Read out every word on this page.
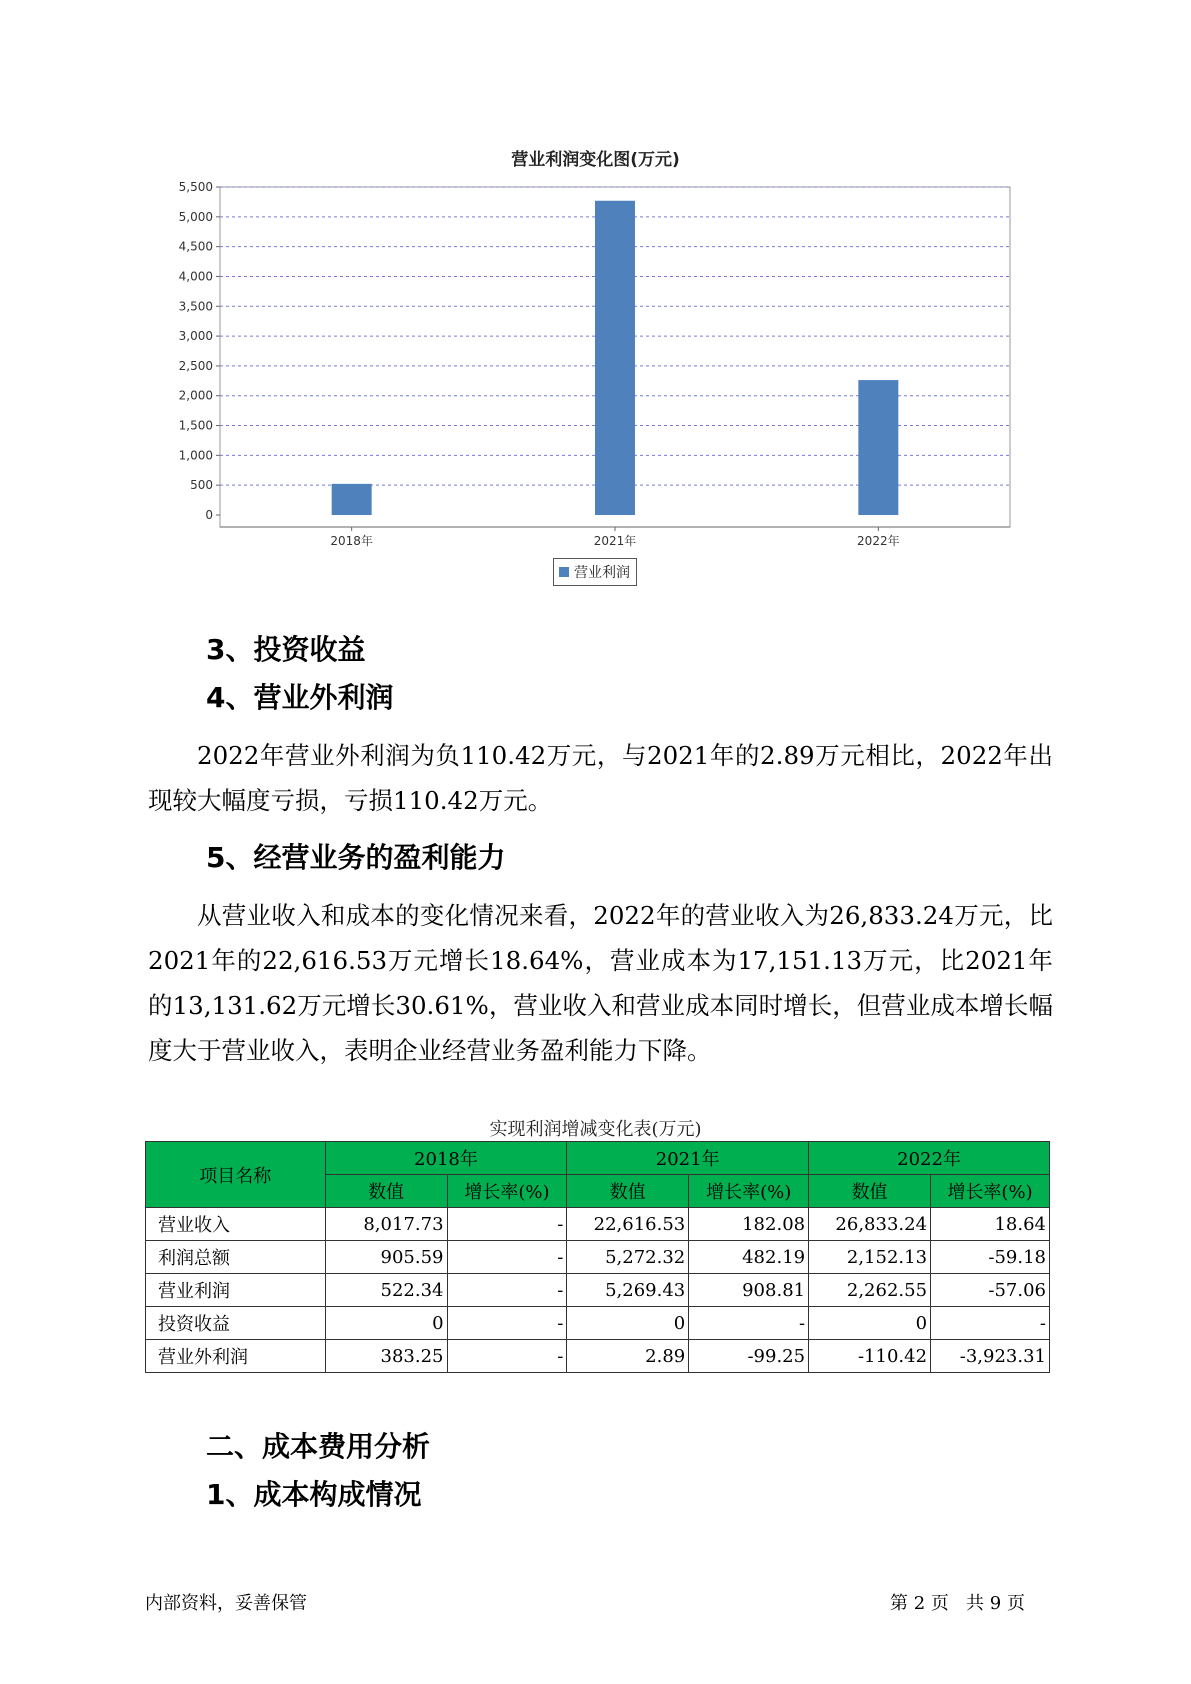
营业利润变化图(万元)
0
500
1,000
1,500
2,000
2,500
3,000
3,500
4,000
4,500
5,000
5,500
2018年	2021年	2022年
营业利润
3、投资收益
4、营业外利润
2022年营业外利润为负110.42万元，与2021年的2.89万元相比，2022年出现较大幅度亏损，亏损110.42万元。
5、经营业务的盈利能力
从营业收入和成本的变化情况来看，2022年的营业收入为26,833.24万元，比2021年的22,616.53万元增长18.64%，营业成本为17,151.13万元，比2021年的13,131.62万元增长30.61%，营业收入和营业成本同时增长，但营业成本增长幅度大于营业收入，表明企业经营业务盈利能力下降。
实现利润增减变化表(万元)
项目名称	2018年		2021年		2022年	
	数值	增长率(%)	数值	增长率(%)	数值	增长率(%)
营业收入	8,017.73	-	22,616.53	182.08	26,833.24	18.64
利润总额	905.59	-	5,272.32	482.19	2,152.13	-59.18
营业利润	522.34	-	5,269.43	908.81	2,262.55	-57.06
投资收益	0	-	0	-	0	-
营业外利润	383.25	-	2.89	-99.25	-110.42	-3,923.31
二、成本费用分析
1、成本构成情况
内部资料，妥善保管	第 2 页   共 9 页
